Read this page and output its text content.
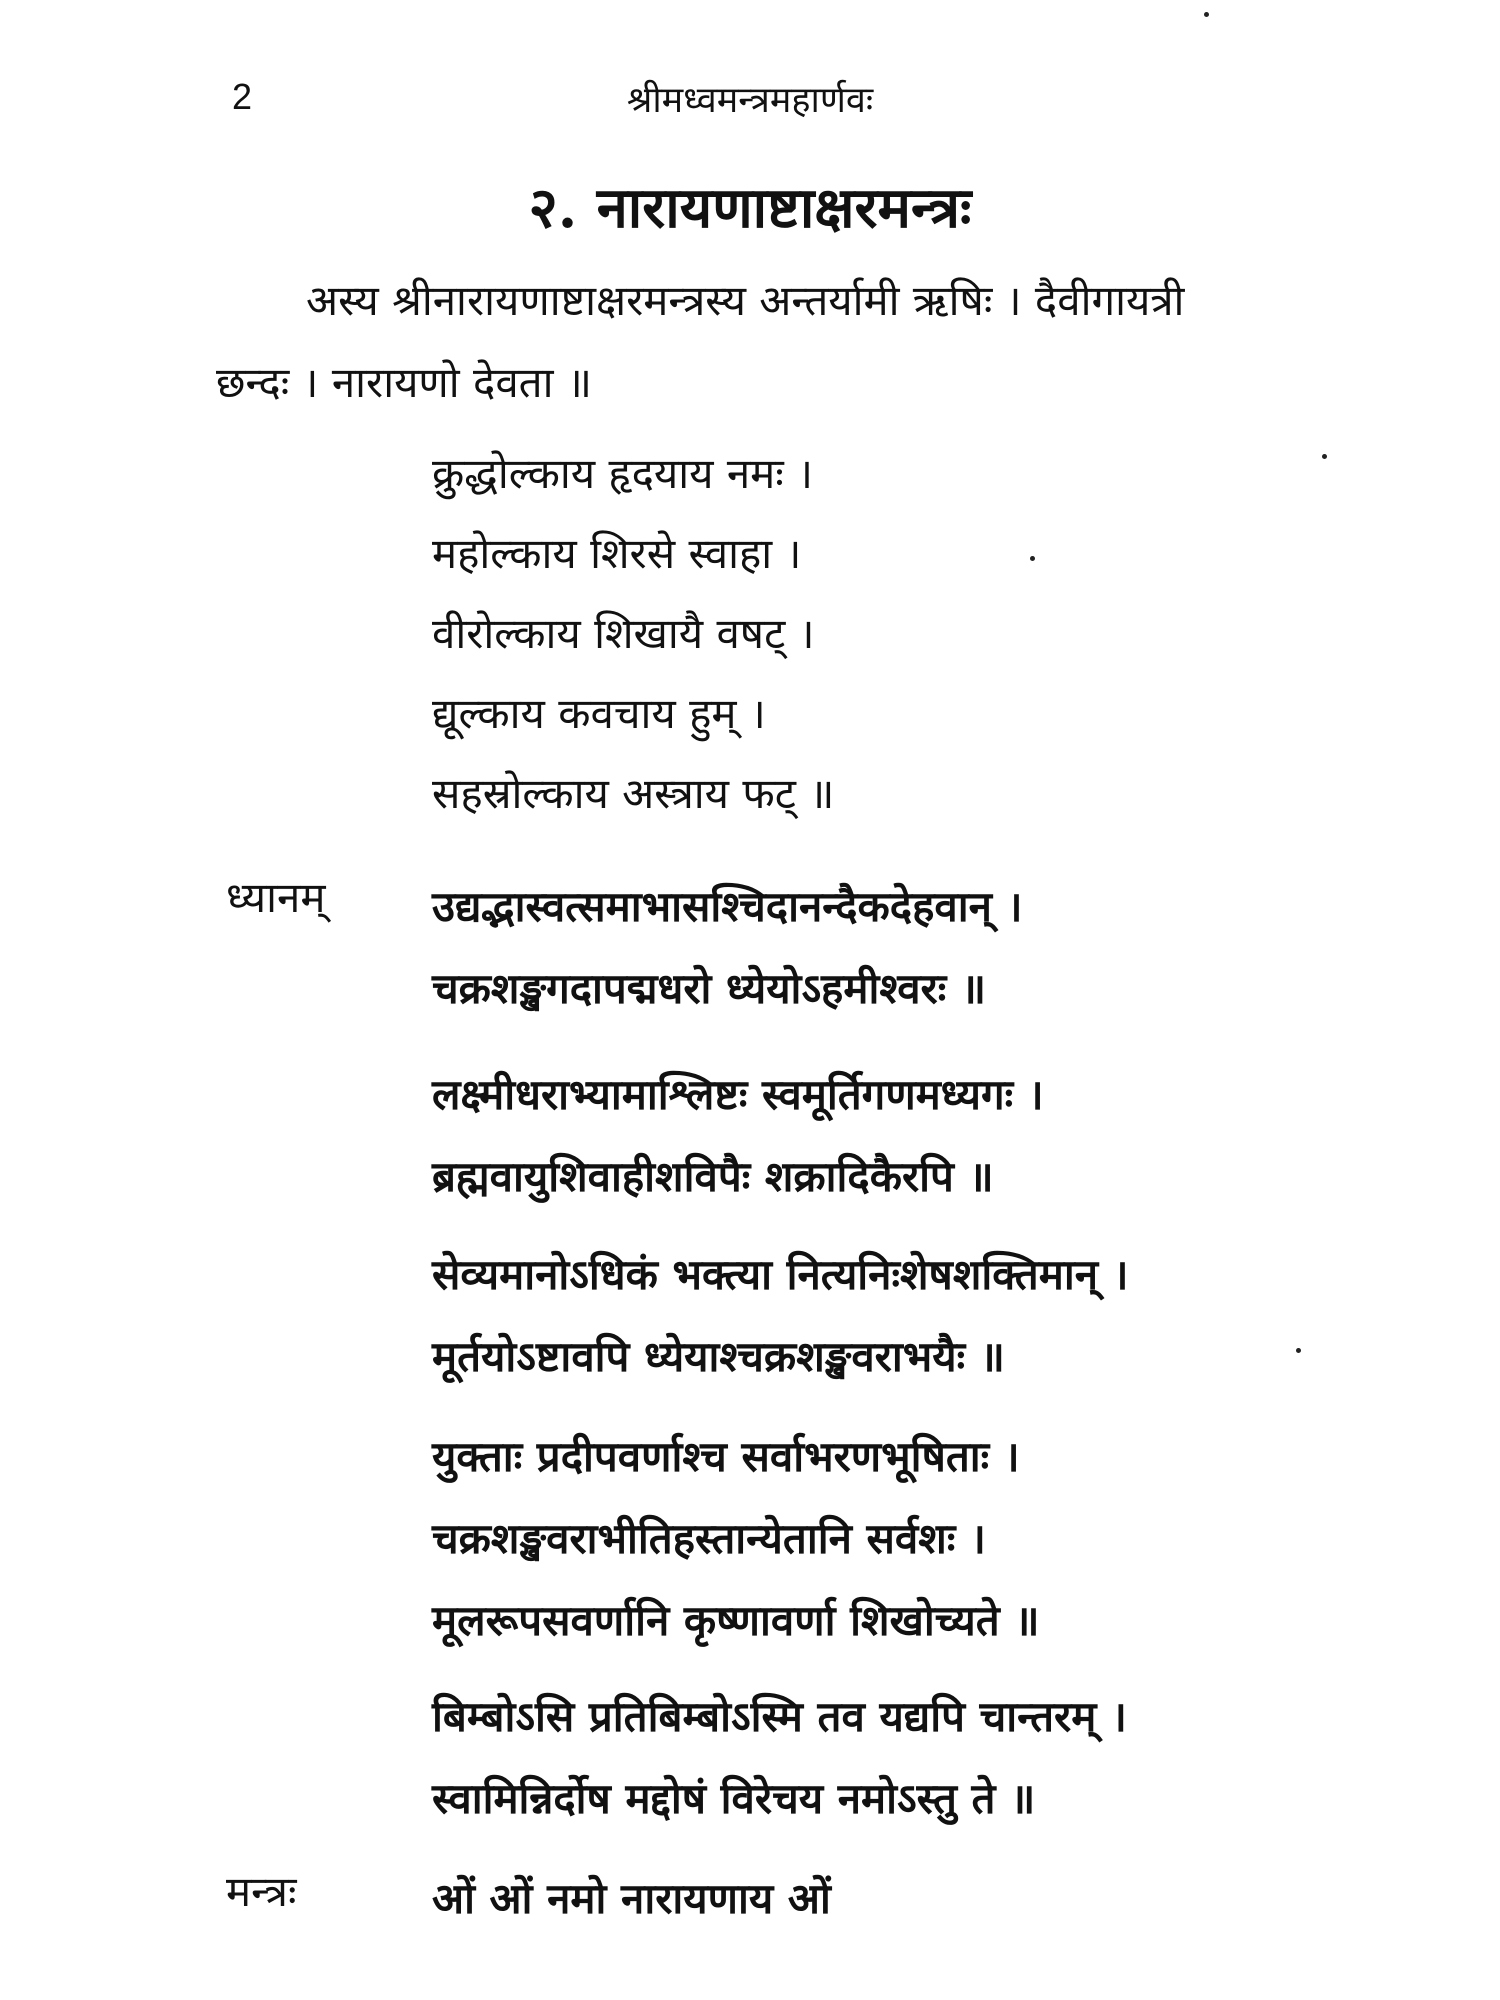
2	श्रीमध्वमन्त्रमहार्णवः
२. नारायणाष्टाक्षरमन्त्रः
अस्य श्रीनारायणाष्टाक्षरमन्त्रस्य अन्तर्यामी ऋषिः । दैवीगायत्री
छन्दः । नारायणो देवता ॥
क्रुद्धोल्काय हृदयाय नमः ।
महोल्काय शिरसे स्वाहा ।
वीरोल्काय शिखायै वषट् ।
द्यूल्काय कवचाय हुम् ।
सहस्रोल्काय अस्त्राय फट् ॥
ध्यानम्	उद्यद्भास्वत्समाभासश्चिदानन्दैकदेहवान् ।
चक्रशङ्खगदापद्मधरो ध्येयोऽहमीश्वरः ॥
लक्ष्मीधराभ्यामाश्लिष्टः स्वमूर्तिगणमध्यगः ।
ब्रह्मवायुशिवाहीशविपैः शक्रादिकैरपि ॥
सेव्यमानोऽधिकं भक्त्या नित्यनिःशेषशक्तिमान् ।
मूर्तयोऽष्टावपि ध्येयाश्चक्रशङ्खवराभयैः ॥
युक्ताः प्रदीपवर्णाश्च सर्वाभरणभूषिताः ।
चक्रशङ्खवराभीतिहस्तान्येतानि सर्वशः ।
मूलरूपसवर्णानि कृष्णावर्णा शिखोच्यते ॥
बिम्बोऽसि प्रतिबिम्बोऽस्मि तव यद्यपि चान्तरम् ।
स्वामिन्निर्दोष मद्दोषं विरेचय नमोऽस्तु ते ॥
मन्त्रः	ओं ओं नमो नारायणाय ओं
